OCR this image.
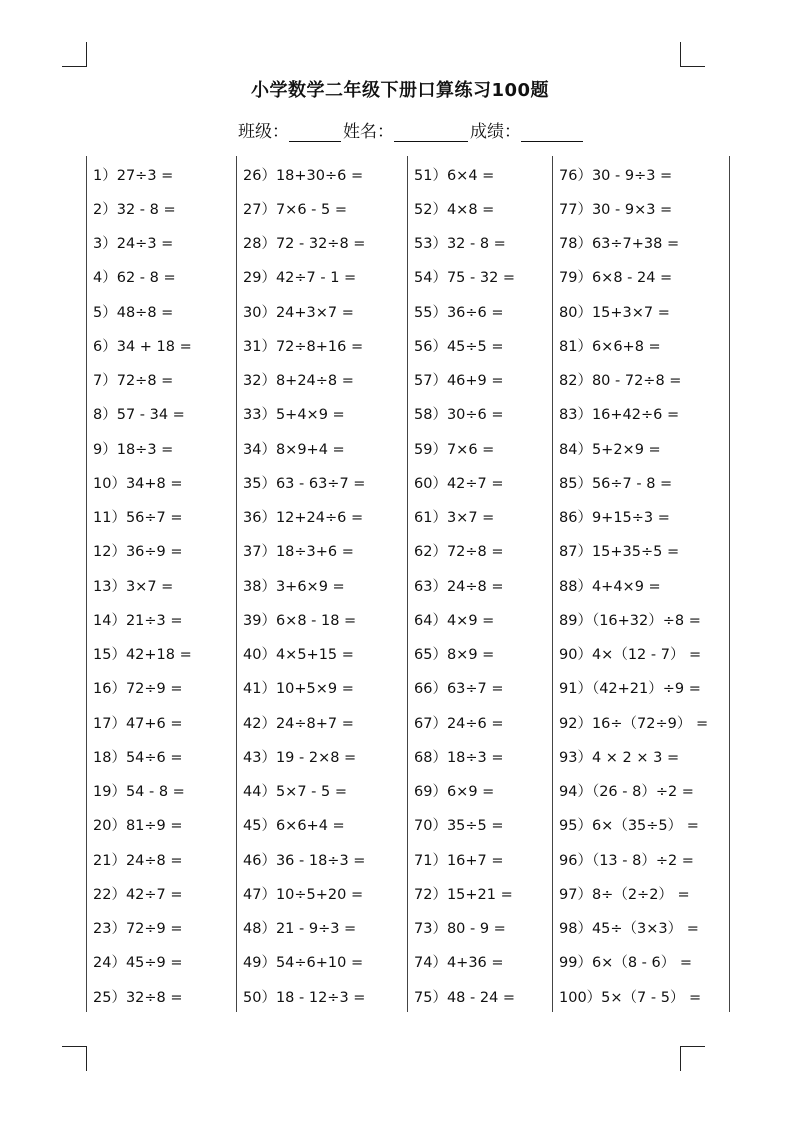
小学数学二年级下册口算练习100题
班级：	姓名：	成绩：
1）27÷3 =
2）32 - 8 =
3）24÷3 =
4）62 - 8 =
5）48÷8 =
6）34 + 18 =
7）72÷8 =
8）57 - 34 =
9）18÷3 =
10）34+8 =
11）56÷7 =
12）36÷9 =
13）3×7 =
14）21÷3 =
15）42+18 =
16）72÷9 =
17）47+6 =
18）54÷6 =
19）54 - 8 =
20）81÷9 =
21）24÷8 =
22）42÷7 =
23）72÷9 =
24）45÷9 =
25）32÷8 =
26）18+30÷6 =
27）7×6 - 5 =
28）72 - 32÷8 =
29）42÷7 - 1 =
30）24+3×7 =
31）72÷8+16 =
32）8+24÷8 =
33）5+4×9 =
34）8×9+4 =
35）63 - 63÷7 =
36）12+24÷6 =
37）18÷3+6 =
38）3+6×9 =
39）6×8 - 18 =
40）4×5+15 =
41）10+5×9 =
42）24÷8+7 =
43）19 - 2×8 =
44）5×7 - 5 =
45）6×6+4 =
46）36 - 18÷3 =
47）10÷5+20 =
48）21 - 9÷3 =
49）54÷6+10 =
50）18 - 12÷3 =
51）6×4 =
52）4×8 =
53）32 - 8 =
54）75 - 32 =
55）36÷6 =
56）45÷5 =
57）46+9 =
58）30÷6 =
59）7×6 =
60）42÷7 =
61）3×7 =
62）72÷8 =
63）24÷8 =
64）4×9 =
65）8×9 =
66）63÷7 =
67）24÷6 =
68）18÷3 =
69）6×9 =
70）35÷5 =
71）16+7 =
72）15+21 =
73）80 - 9 =
74）4+36 =
75）48 - 24 =
76）30 - 9÷3 =
77）30 - 9×3 =
78）63÷7+38 =
79）6×8 - 24 =
80）15+3×7 =
81）6×6+8 =
82）80 - 72÷8 =
83）16+42÷6 =
84）5+2×9 =
85）56÷7 - 8 =
86）9+15÷3 =
87）15+35÷5 =
88）4+4×9 =
89）（16+32）÷8 =
90）4×（12 - 7） =
91）（42+21）÷9 =
92）16÷（72÷9） =
93）4 × 2 × 3 =
94）（26 - 8）÷2 =
95）6×（35÷5） =
96）（13 - 8）÷2 =
97）8÷（2÷2） =
98）45÷（3×3） =
99）6×（8 - 6） =
100）5×（7 - 5） =
